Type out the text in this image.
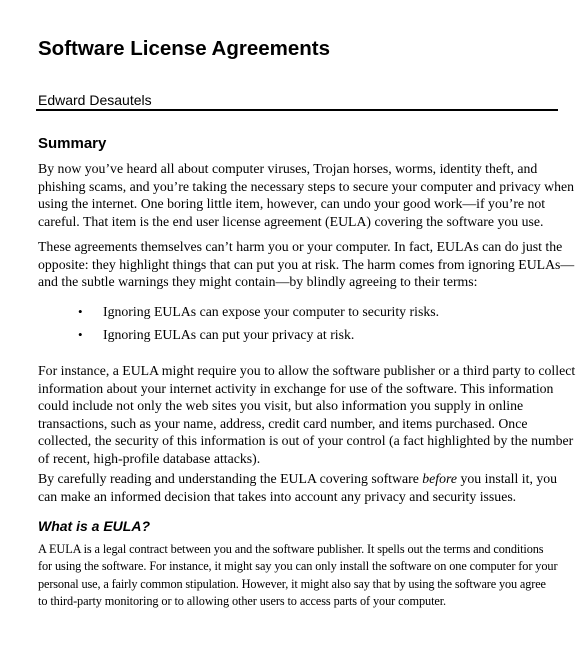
Software License Agreements

Edward Desautels

Summary

By now you’ve heard all about computer viruses, Trojan horses, worms, identity theft, and
phishing scams, and you’re taking the necessary steps to secure your computer and privacy when
using the internet. One boring little item, however, can undo your good work—if you’re not
careful. That item is the end user license agreement (EULA) covering the software you use.

These agreements themselves can’t harm you or your computer. In fact, EULAs can do just the
opposite: they highlight things that can put you at risk. The harm comes from ignoring EULAs—
and the subtle warnings they might contain—by blindly agreeing to their terms:

•	Ignoring EULAs can expose your computer to security risks.
•	Ignoring EULAs can put your privacy at risk.

For instance, a EULA might require you to allow the software publisher or a third party to collect
information about your internet activity in exchange for use of the software. This information
could include not only the web sites you visit, but also information you supply in online
transactions, such as your name, address, credit card number, and items purchased. Once
collected, the security of this information is out of your control (a fact highlighted by the number
of recent, high-profile database attacks).

By carefully reading and understanding the EULA covering software before you install it, you
can make an informed decision that takes into account any privacy and security issues.

What is a EULA?

A EULA is a legal contract between you and the software publisher. It spells out the terms and conditions
for using the software. For instance, it might say you can only install the software on one computer for your
personal use, a fairly common stipulation. However, it might also say that by using the software you agree
to third-party monitoring or to allowing other users to access parts of your computer.
